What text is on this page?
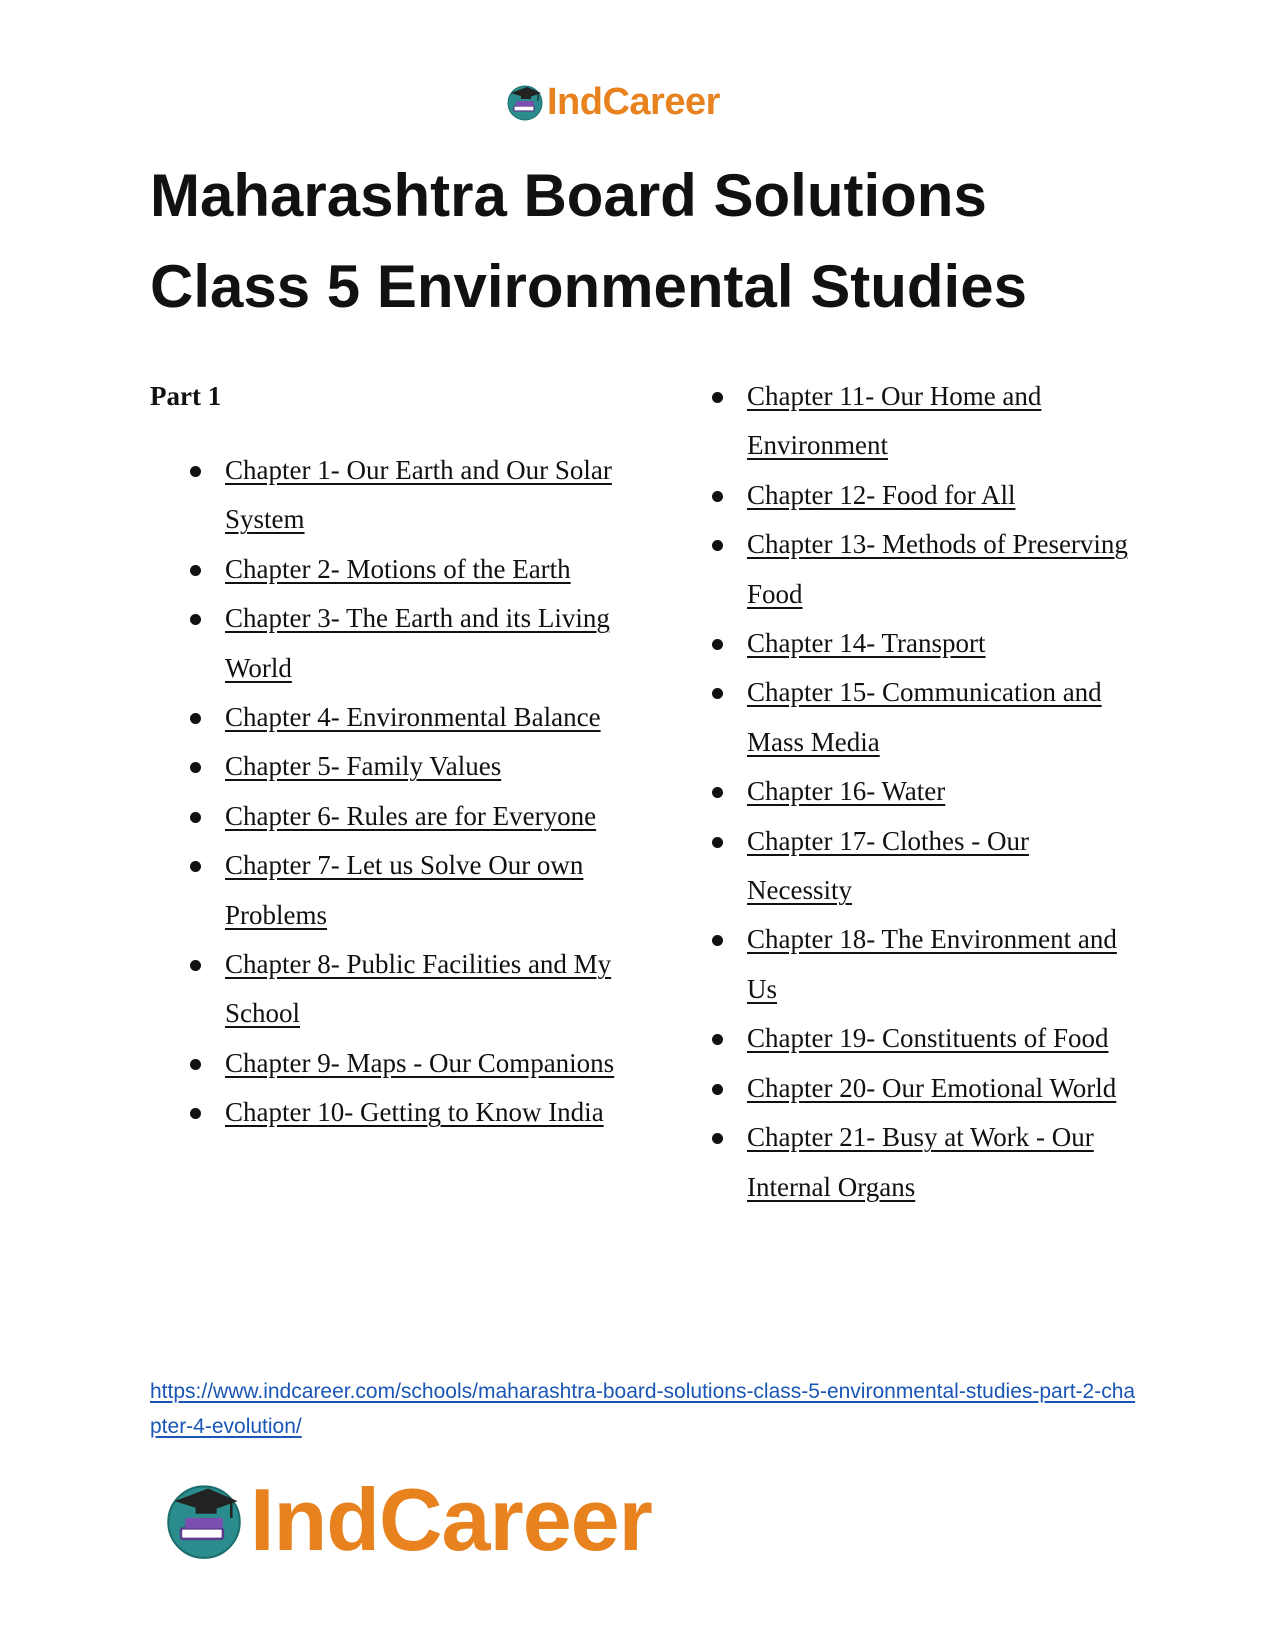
IndCareer
Maharashtra Board Solutions
Class 5 Environmental Studies
Part 1
Chapter 1- Our Earth and Our Solar System
Chapter 2- Motions of the Earth
Chapter 3- The Earth and its Living World
Chapter 4- Environmental Balance
Chapter 5- Family Values
Chapter 6- Rules are for Everyone
Chapter 7- Let us Solve Our own Problems
Chapter 8- Public Facilities and My School
Chapter 9- Maps - Our Companions
Chapter 10- Getting to Know India
Chapter 11- Our Home and Environment
Chapter 12- Food for All
Chapter 13- Methods of Preserving Food
Chapter 14- Transport
Chapter 15- Communication and Mass Media
Chapter 16- Water
Chapter 17- Clothes - Our Necessity
Chapter 18- The Environment and Us
Chapter 19- Constituents of Food
Chapter 20- Our Emotional World
Chapter 21- Busy at Work - Our Internal Organs
https://www.indcareer.com/schools/maharashtra-board-solutions-class-5-environmental-studies-part-2-chapter-4-evolution/
IndCareer
